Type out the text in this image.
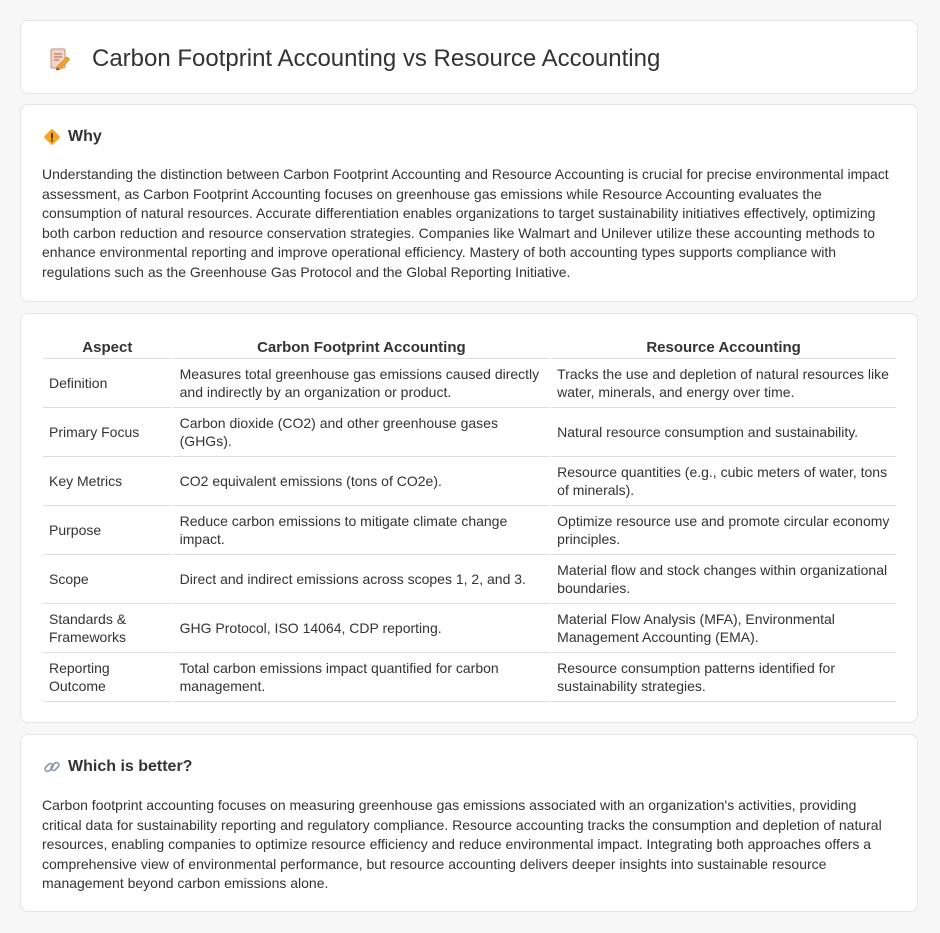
Carbon Footprint Accounting vs Resource Accounting
Why

Understanding the distinction between Carbon Footprint Accounting and Resource Accounting is crucial for precise environmental impact assessment, as Carbon Footprint Accounting focuses on greenhouse gas emissions while Resource Accounting evaluates the consumption of natural resources. Accurate differentiation enables organizations to target sustainability initiatives effectively, optimizing both carbon reduction and resource conservation strategies. Companies like Walmart and Unilever utilize these accounting methods to enhance environmental reporting and improve operational efficiency. Mastery of both accounting types supports compliance with regulations such as the Greenhouse Gas Protocol and the Global Reporting Initiative.

Aspect	Carbon Footprint Accounting	Resource Accounting
Definition	Measures total greenhouse gas emissions caused directly and indirectly by an organization or product.	Tracks the use and depletion of natural resources like water, minerals, and energy over time.
Primary Focus	Carbon dioxide (CO2) and other greenhouse gases (GHGs).	Natural resource consumption and sustainability.
Key Metrics	CO2 equivalent emissions (tons of CO2e).	Resource quantities (e.g., cubic meters of water, tons of minerals).
Purpose	Reduce carbon emissions to mitigate climate change impact.	Optimize resource use and promote circular economy principles.
Scope	Direct and indirect emissions across scopes 1, 2, and 3.	Material flow and stock changes within organizational boundaries.
Standards & Frameworks	GHG Protocol, ISO 14064, CDP reporting.	Material Flow Analysis (MFA), Environmental Management Accounting (EMA).
Reporting Outcome	Total carbon emissions impact quantified for carbon management.	Resource consumption patterns identified for sustainability strategies.
Which is better?

Carbon footprint accounting focuses on measuring greenhouse gas emissions associated with an organization's activities, providing critical data for sustainability reporting and regulatory compliance. Resource accounting tracks the consumption and depletion of natural resources, enabling companies to optimize resource efficiency and reduce environmental impact. Integrating both approaches offers a comprehensive view of environmental performance, but resource accounting delivers deeper insights into sustainable resource management beyond carbon emissions alone.
